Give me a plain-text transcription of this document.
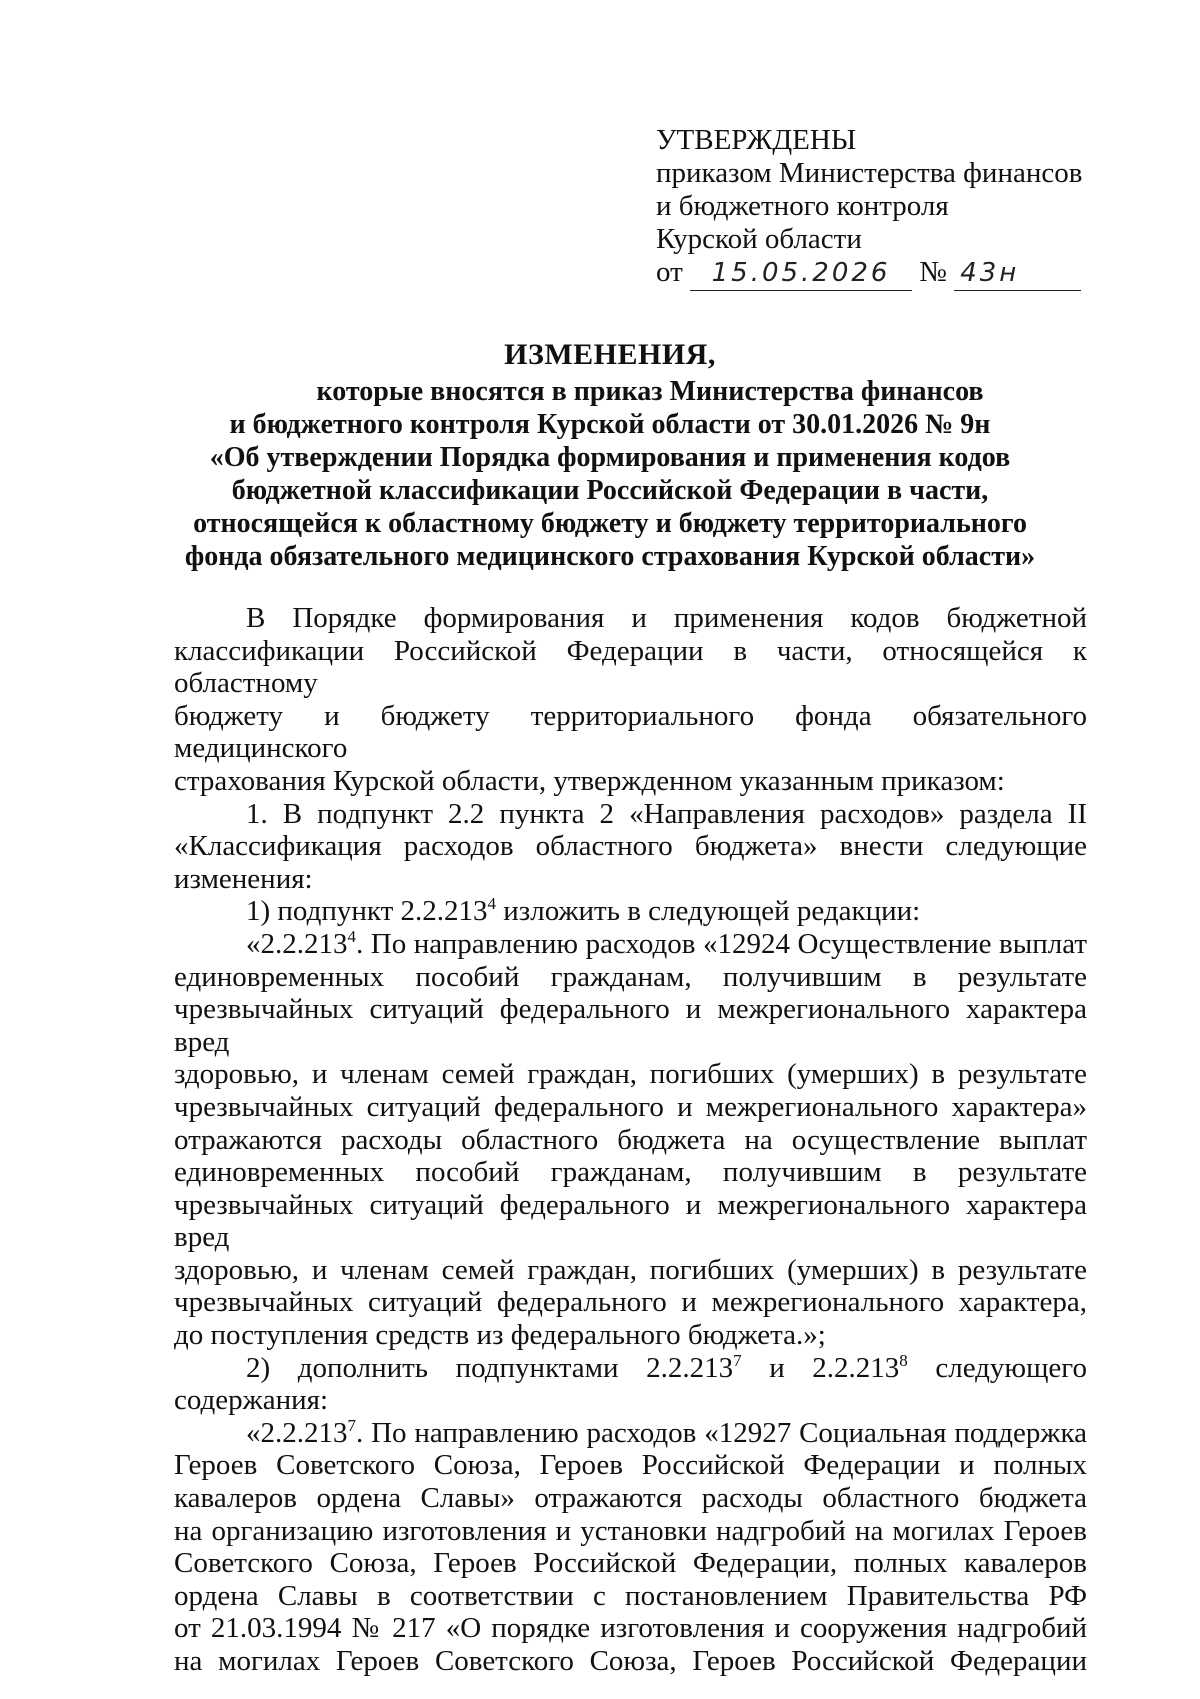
УТВЕРЖДЕНЫ
приказом Министерства финансов
и бюджетного контроля
Курской области
от 15.05.2026 № 43н
ИЗМЕНЕНИЯ,
которые вносятся в приказ Министерства финансов
и бюджетного контроля Курской области от 30.01.2026 № 9н
«Об утверждении Порядка формирования и применения кодов
бюджетной классификации Российской Федерации в части,
относящейся к областному бюджету и бюджету территориального
фонда обязательного медицинского страхования Курской области»
В Порядке формирования и применения кодов бюджетной
классификации Российской Федерации в части, относящейся к областному
бюджету и бюджету территориального фонда обязательного медицинского
страхования Курской области, утвержденном указанным приказом:
1. В подпункт 2.2 пункта 2 «Направления расходов» раздела II
«Классификация расходов областного бюджета» внести следующие
изменения:
1) подпункт 2.2.213$^4$ изложить в следующей редакции:
«2.2.213$^4$. По направлению расходов «12924 Осуществление выплат
единовременных пособий гражданам, получившим в результате
чрезвычайных ситуаций федерального и межрегионального характера вред
здоровью, и членам семей граждан, погибших (умерших) в результате
чрезвычайных ситуаций федерального и межрегионального характера»
отражаются расходы областного бюджета на осуществление выплат
единовременных пособий гражданам, получившим в результате
чрезвычайных ситуаций федерального и межрегионального характера вред
здоровью, и членам семей граждан, погибших (умерших) в результате
чрезвычайных ситуаций федерального и межрегионального характера,
до поступления средств из федерального бюджета.»;
2) дополнить подпунктами 2.2.213$^7$ и 2.2.213$^8$ следующего
содержания:
«2.2.213$^7$. По направлению расходов «12927 Социальная поддержка
Героев Советского Союза, Героев Российской Федерации и полных
кавалеров ордена Славы» отражаются расходы областного бюджета
на организацию изготовления и установки надгробий на могилах Героев
Советского Союза, Героев Российской Федерации, полных кавалеров
ордена Славы в соответствии с постановлением Правительства РФ
от 21.03.1994 № 217 «О порядке изготовления и сооружения надгробий
на могилах Героев Советского Союза, Героев Российской Федерации
